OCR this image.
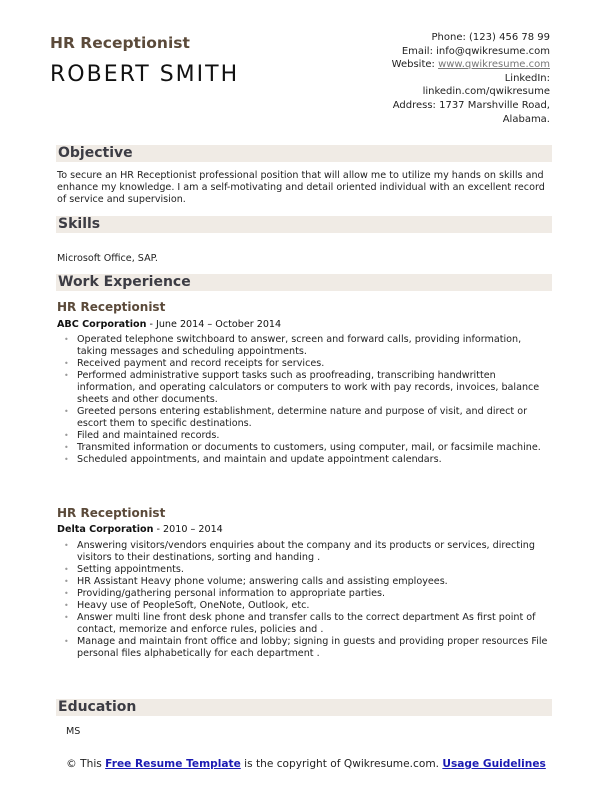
HR Receptionist
ROBERT SMITH
Phone: (123) 456 78 99
Email: info@qwikresume.com
Website: www.qwikresume.com
LinkedIn:
linkedin.com/qwikresume
Address: 1737 Marshville Road,
Alabama.
Objective
To secure an HR Receptionist professional position that will allow me to utilize my hands on skills and enhance my knowledge. I am a self-motivating and detail oriented individual with an excellent record of service and supervision.
Skills
Microsoft Office, SAP.
Work Experience
HR Receptionist
ABC Corporation - June 2014 – October 2014
• Operated telephone switchboard to answer, screen and forward calls, providing information, taking messages and scheduling appointments.
• Received payment and record receipts for services.
• Performed administrative support tasks such as proofreading, transcribing handwritten information, and operating calculators or computers to work with pay records, invoices, balance sheets and other documents.
• Greeted persons entering establishment, determine nature and purpose of visit, and direct or escort them to specific destinations.
• Filed and maintained records.
• Transmited information or documents to customers, using computer, mail, or facsimile machine.
• Scheduled appointments, and maintain and update appointment calendars.
HR Receptionist
Delta Corporation - 2010 – 2014
• Answering visitors/vendors enquiries about the company and its products or services, directing visitors to their destinations, sorting and handing .
• Setting appointments.
• HR Assistant Heavy phone volume; answering calls and assisting employees.
• Providing/gathering personal information to appropriate parties.
• Heavy use of PeopleSoft, OneNote, Outlook, etc.
• Answer multi line front desk phone and transfer calls to the correct department As first point of contact, memorize and enforce rules, policies and .
• Manage and maintain front office and lobby; signing in guests and providing proper resources File personal files alphabetically for each department .
Education
MS
© This Free Resume Template is the copyright of Qwikresume.com. Usage Guidelines
